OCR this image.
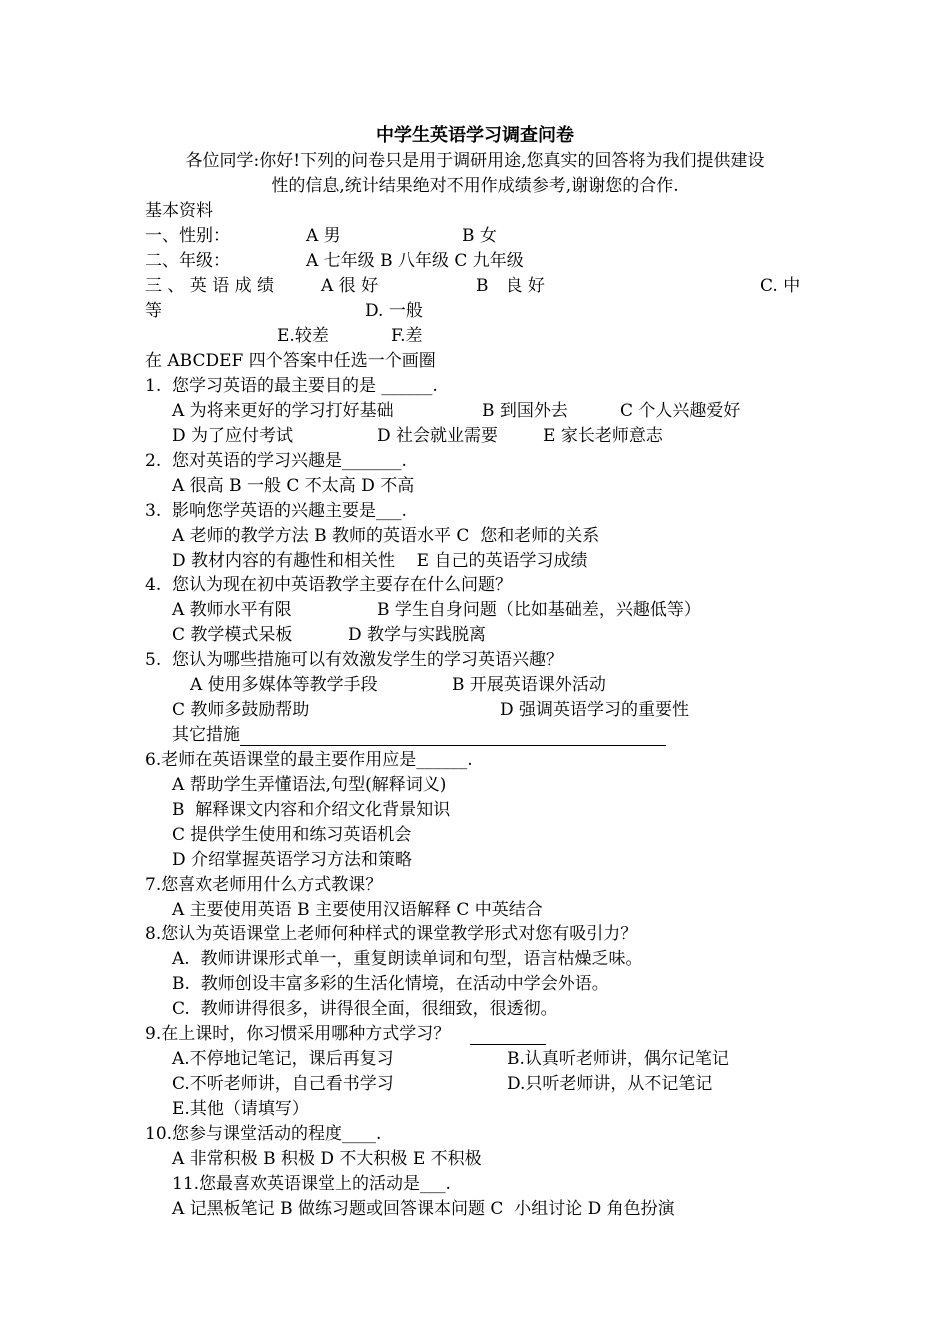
中学生英语学习调查问卷
各位同学:你好!下列的问卷只是用于调研用途,您真实的回答将为我们提供建设
性的信息,统计结果绝对不用作成绩参考,谢谢您的合作.
基本资料
一、性别：	A 男	B 女
二、年级：	A 七年级 B 八年级 C 九年级
三 、 英 语 成 绩	A 很 好	B　良 好	C. 中
等	D. 一般
E.较差	F.差
在 ABCDEF 四个答案中任选一个画圈
1.  您学习英语的最主要目的是 ______.
A 为将来更好的学习打好基础	B 到国外去	C 个人兴趣爱好
D 为了应付考试	D 社会就业需要	E 家长老师意志
2.  您对英语的学习兴趣是_______.
A 很高 B 一般 C 不太高 D 不高
3.  影响您学英语的兴趣主要是___.
A 老师的教学方法 B 教师的英语水平 C  您和老师的关系
D 教材内容的有趣性和相关性    E 自己的英语学习成绩
4.  您认为现在初中英语教学主要存在什么问题？
A 教师水平有限	B 学生自身问题（比如基础差，兴趣低等）
C 教学模式呆板	D 教学与实践脱离
5.  您认为哪些措施可以有效激发学生的学习英语兴趣？
A 使用多媒体等教学手段	B 开展英语课外活动
C 教师多鼓励帮助	D 强调英语学习的重要性
其它措施
6.老师在英语课堂的最主要作用应是______.
A 帮助学生弄懂语法,句型(解释词义)
B  解释课文内容和介绍文化背景知识
C 提供学生使用和练习英语机会
D 介绍掌握英语学习方法和策略
7.您喜欢老师用什么方式教课？
A 主要使用英语 B 主要使用汉语解释 C 中英结合
8.您认为英语课堂上老师何种样式的课堂教学形式对您有吸引力？
A.  教师讲课形式单一，重复朗读单词和句型，语言枯燥乏味。
B.  教师创设丰富多彩的生活化情境，在活动中学会外语。
C.  教师讲得很多，讲得很全面，很细致，很透彻。
9.在上课时，你习惯采用哪种方式学习？
A.不停地记笔记，课后再复习	B.认真听老师讲，偶尔记笔记
C.不听老师讲，自己看书学习	D.只听老师讲，从不记笔记
E.其他（请填写）
10.您参与课堂活动的程度____.
A 非常积极 B 积极 D 不大积极 E 不积极
11.您最喜欢英语课堂上的活动是___.
A 记黑板笔记 B 做练习题或回答课本问题 C  小组讨论 D 角色扮演
